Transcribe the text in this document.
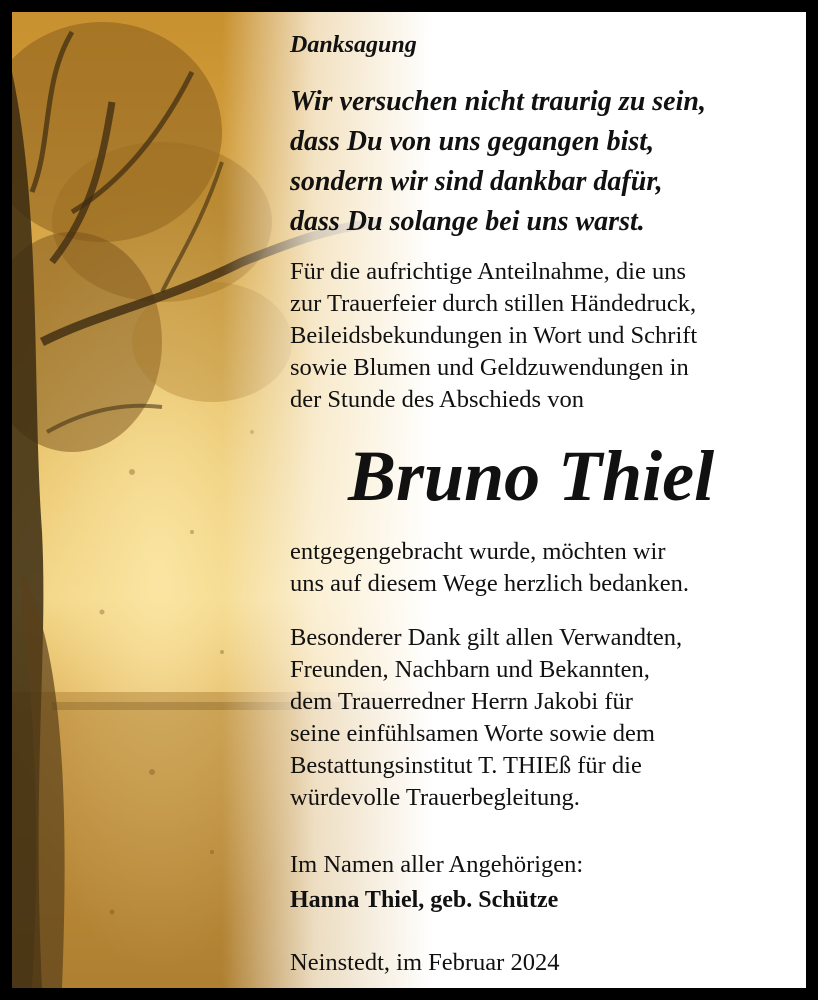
Danksagung
Wir versuchen nicht traurig zu sein,
dass Du von uns gegangen bist,
sondern wir sind dankbar dafür,
dass Du solange bei uns warst.
Für die aufrichtige Anteilnahme, die uns
zur Trauerfeier durch stillen Händedruck,
Beileidsbekundungen in Wort und Schrift
sowie Blumen und Geldzuwendungen in
der Stunde des Abschieds von
Bruno Thiel
entgegengebracht wurde, möchten wir
uns auf diesem Wege herzlich bedanken.
Besonderer Dank gilt allen Verwandten,
Freunden, Nachbarn und Bekannten,
dem Trauerredner Herrn Jakobi für
seine einfühlsamen Worte sowie dem
Bestattungsinstitut T. THIEß für die
würdevolle Trauerbegleitung.
Im Namen aller Angehörigen:
Hanna Thiel, geb. Schütze
Neinstedt, im Februar 2024
